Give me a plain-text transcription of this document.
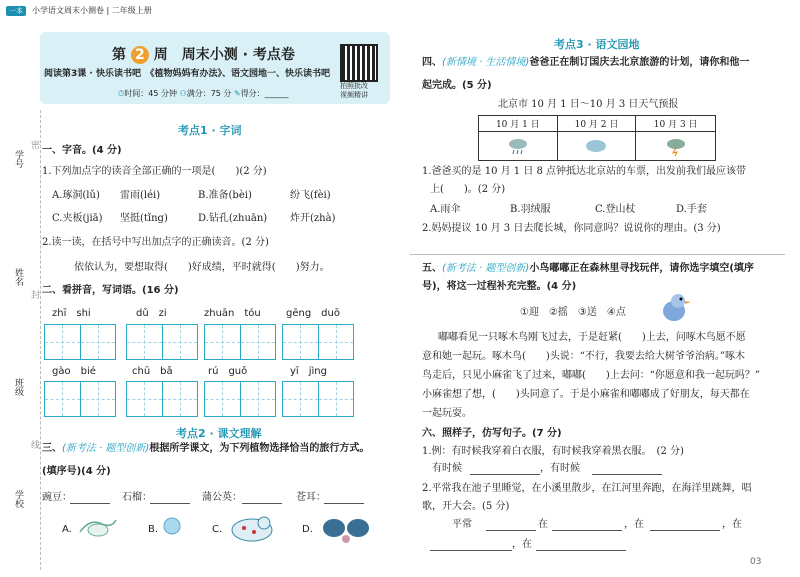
一本	小学语文周末小测卷 | 二年级上册
学号
姓名
班级
学校
密
封
线
第 2 周　 周末小测 · 考点卷
阅读第3课 · 快乐读书吧　《植物妈妈有办法》、语文园地一、快乐读书吧
⏱时间：45 分钟 ⚇满分：75 分 ✎得分：______
拍照批改
视频精讲
考点1 · 字词
一、字音。(4 分)
1.下列加点字的读音全部正确的一项是(　　)(2 分)
A.琢洞(lǔ) 雷雨(léi)	B.准备(bèi)	纷飞(fèi)
C.夹板(jiā) 坚挺(tǐng)	D.钻孔(zhuān) 炸开(zhà)
2.读一读，在括号中写出加点字的正确读音。(2 分)
依依认为，要想取得(　　)好成绩，平时就得(　　)努力。
二、看拼音，写词语。(16 分)
zhī　shi	dǔ　zi	zhuān　tóu	gēng　duō
gào　bié	chū　bǎ	rú　guǒ	yī　jìng
考点2 · 课文理解
三、(新考法 · 题型创新)根据所学课文，为下列植物选择恰当的旅行方式。
(填序号)(4 分)
豌豆：	石榴：	蒲公英：	苍耳：
A.	B.	C.	D.
考点3 · 语文园地
四、(新情境 · 生活情境)爸爸正在制订国庆去北京旅游的计划，请你和他一
起完成。(5 分)
北京市 10 月 1 日～10 月 3 日天气预报
10 月 1 日	10 月 2 日	10 月 3 日
1.爸爸买的是 10 月 1 日 8 点钟抵达北京站的车票，出发前我们最应该带
上(　　)。(2 分)
A.雨伞	B.羽绒服	C.登山杖	D.手套
2.妈妈提议 10 月 3 日去爬长城，你同意吗？说说你的理由。(3 分)
五、(新考法 · 题型创新)小鸟嘟嘟正在森林里寻找玩伴，请你选字填空(填序
号)，将这一过程补充完整。(4 分)
①迎　②摇　③送　④点
嘟嘟看见一只啄木鸟刚飞过去，于是赶紧(　　)上去，问啄木鸟愿不愿
意和她一起玩。啄木鸟(　　)头说：“不行，我要去给大树爷爷治病。”啄木
鸟走后，只见小麻雀飞了过来，嘟嘟(　　)上去问：“你愿意和我一起玩吗？”
小麻雀想了想，(　　)头同意了。于是小麻雀和嘟嘟成了好朋友，每天都在
一起玩耍。
六、照样子，仿写句子。(7 分)
1.例：有时候我穿着白衣服，有时候我穿着黑衣服。　 (2 分)
有时候	，有时候
2.平常我在池子里睡觉，在小溪里散步，在江河里奔跑，在海洋里跳舞，唱
歌，开大会。(5 分)
平常	在	，在	，在
，在
03
